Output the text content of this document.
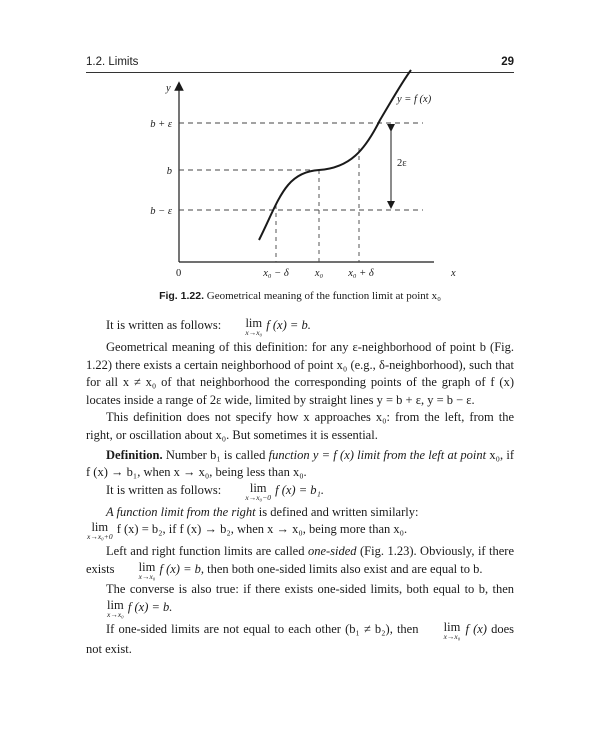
1.2. Limits	29
y
b + ε
b
b − ε
0	x₀ − δ x₀ x₀ + δ	x
y = f (x)
2ε
Fig. 1.22. Geometrical meaning of the function limit at point x₀

It is written as follows: lim
x→x₀
f (x) = b.

Geometrical meaning of this definition: for any ε-neighborhood of point b (Fig. 1.22) there exists a certain neighborhood of point x₀ (e.g., δ-neighborhood), such that for all x ≠ x₀ of that neighborhood the corresponding points of the graph of f (x) locates inside a range of 2ε wide, limited by straight lines y = b + ε, y = b − ε.

This definition does not specify how x approaches x₀: from the left, from the right, or oscillation about x₀. But sometimes it is essential.

Definition. Number b₁ is called function y = f (x) limit from the left at point x₀, if f (x) → b₁, when x → x₀, being less than x₀.

It is written as follows: lim
x→x₀−0
f (x) = b₁.

A function limit from the right is defined and written similarly:

lim
x→x₀+0
f (x) = b₂, if f (x) → b₂, when x → x₀, being more than x₀.

Left and right function limits are called one-sided (Fig. 1.23). Obviously, if there exists lim
x→x₀
f (x) = b, then both one-sided limits also exist and are equal to b.

The converse is also true: if there exists one-sided limits, both equal to b, then lim
x→x₀
f (x) = b.

If one-sided limits are not equal to each other (b₁ ≠ b₂), then lim
x→x₀
f (x) does not exist.
